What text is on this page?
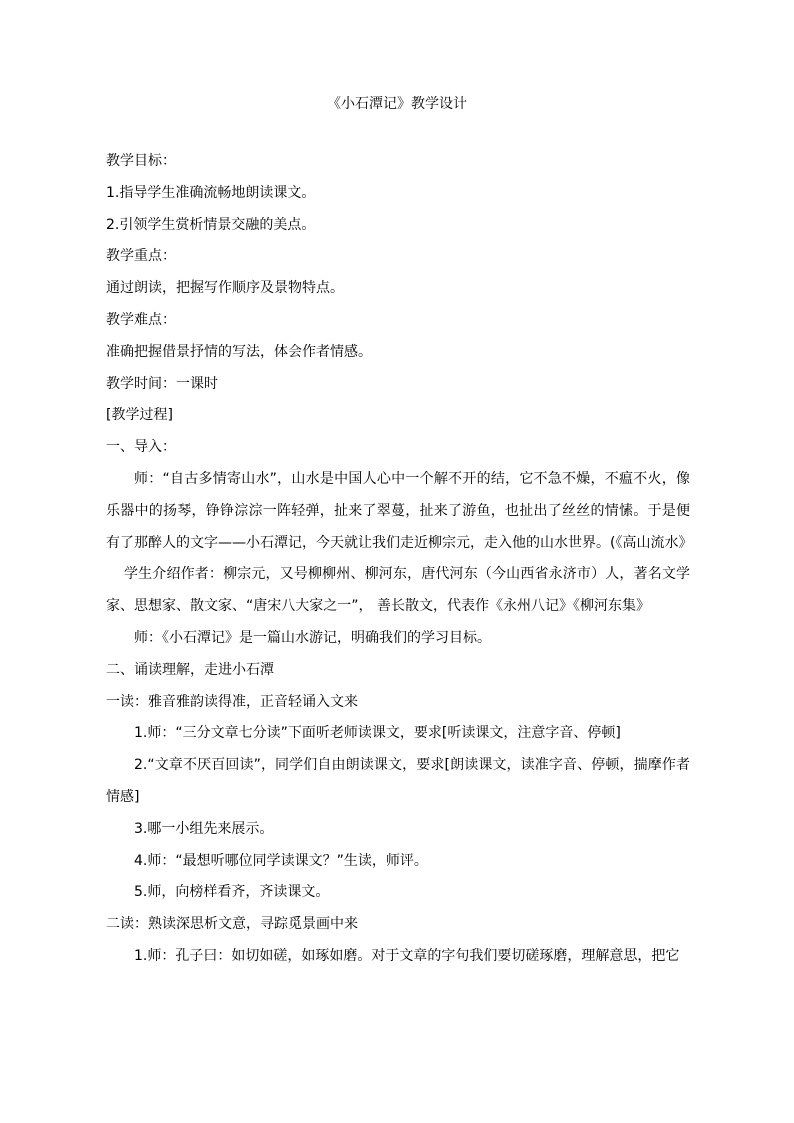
《小石潭记》教学设计

教学目标：

1.指导学生准确流畅地朗读课文。

2.引领学生赏析情景交融的美点。

教学重点：

通过朗读，把握写作顺序及景物特点。

教学难点：

准确把握借景抒情的写法，体会作者情感。

教学时间：一课时

[教学过程]

一、导入：

师：“自古多情寄山水”，山水是中国人心中一个解不开的结，它不急不燥，不瘟不火，像乐器中的扬琴，铮铮淙淙一阵轻弹，扯来了翠蔓，扯来了游鱼，也扯出了丝丝的情愫。于是便有了那醉人的文字——小石潭记，今天就让我们走近柳宗元，走入他的山水世界。(《高山流水》

学生介绍作者：柳宗元，又号柳柳州、柳河东，唐代河东（今山西省永济市）人，著名文学家、思想家、散文家、“唐宋八大家之一”， 善长散文，代表作《永州八记》《柳河东集》

师：《小石潭记》是一篇山水游记，明确我们的学习目标。

二、诵读理解，走进小石潭

一读：雅音雅韵读得准，正音轻诵入文来

1.师：“三分文章七分读”下面听老师读课文，要求[听读课文，注意字音、停顿]

2.“文章不厌百回读”，同学们自由朗读课文，要求[朗读课文，读准字音、停顿，揣摩作者情感]

3.哪一小组先来展示。

4.师：“最想听哪位同学读课文？”生读，师评。

5.师，向榜样看齐，齐读课文。

二读：熟读深思析文意，寻踪觅景画中来

1.师：孔子曰：如切如磋，如琢如磨。对于文章的字句我们要切磋琢磨，理解意思，把它
